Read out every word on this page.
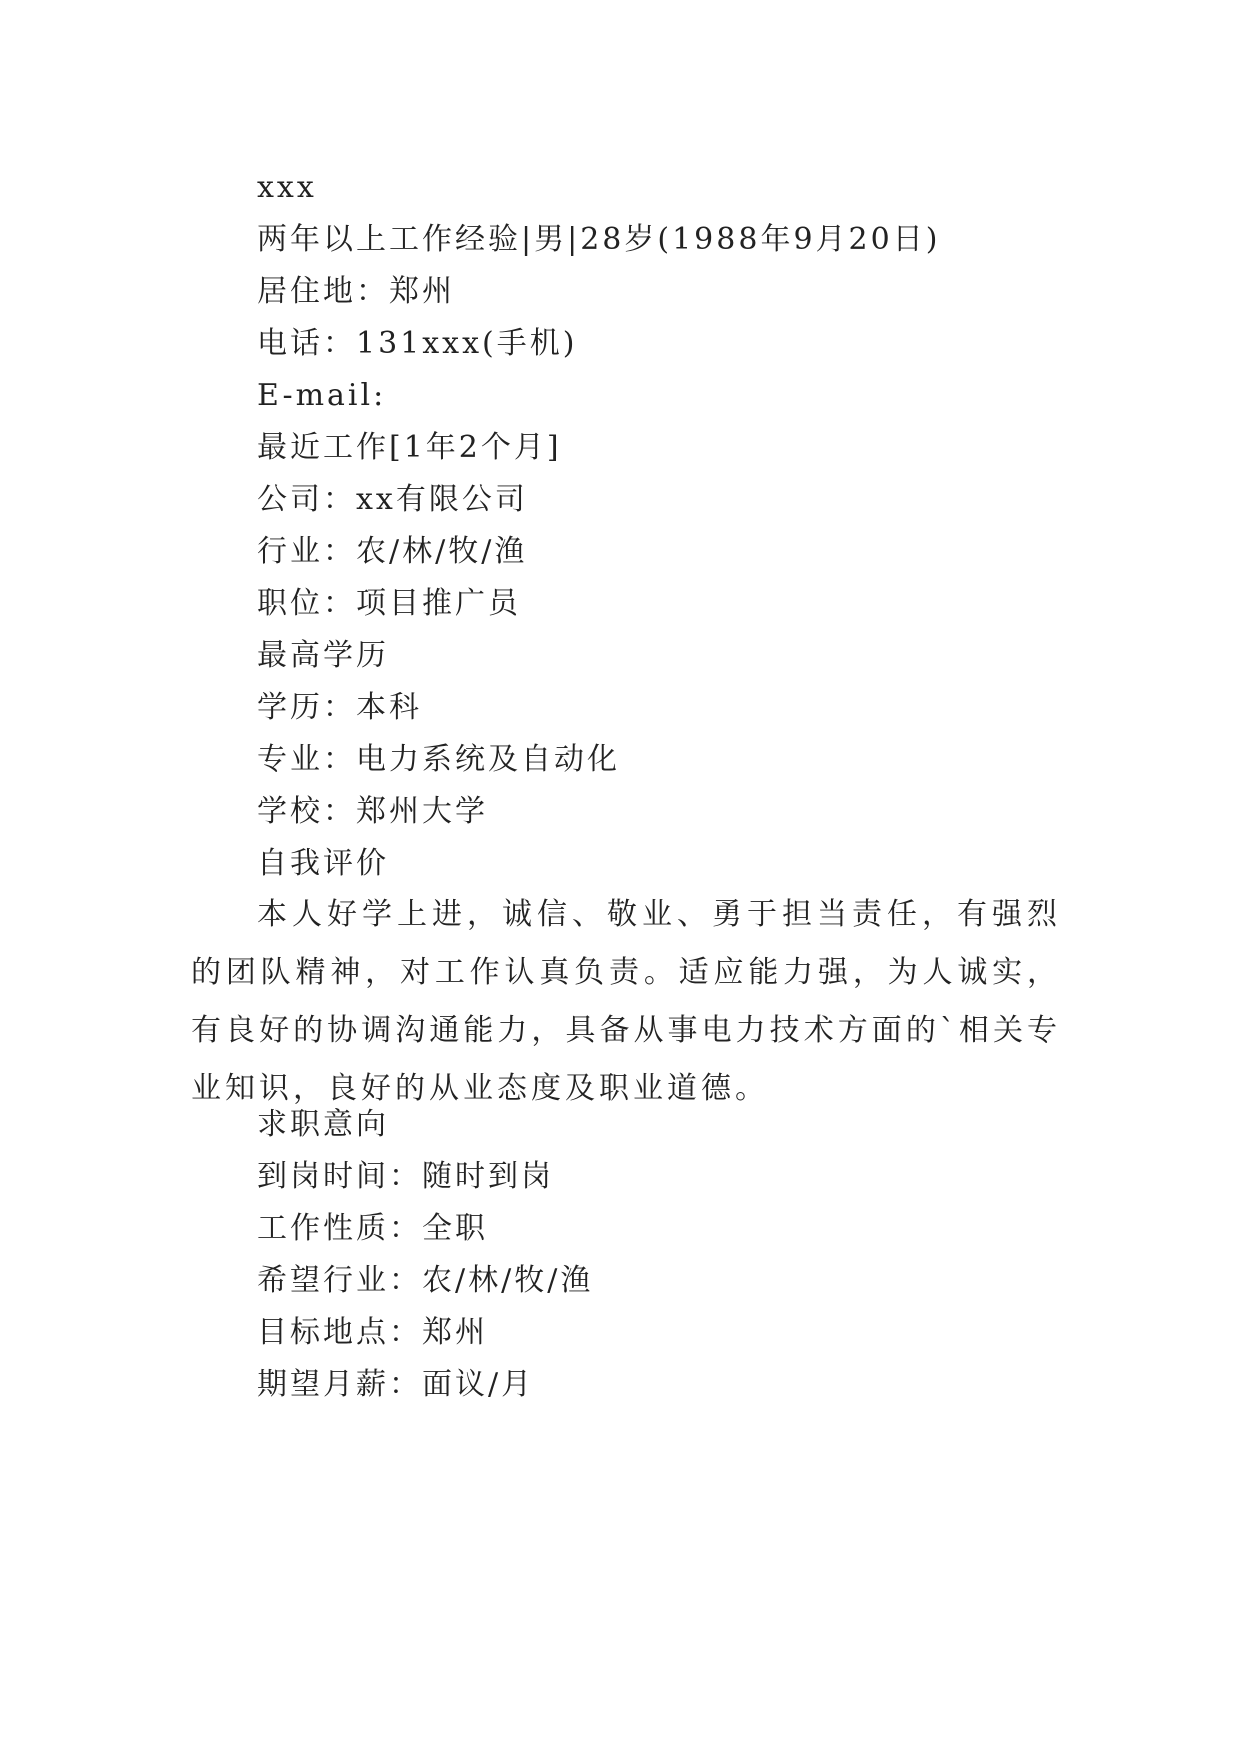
xxx
两年以上工作经验|男|28岁(1988年9月20日)
居住地：郑州
电话：131xxx(手机)
E-mail:
最近工作[1年2个月]
公司：xx有限公司
行业：农/林/牧/渔
职位：项目推广员
最高学历
学历：本科
专业：电力系统及自动化
学校：郑州大学
自我评价
本人好学上进，诚信、敬业、勇于担当责任，有强烈的团队精神，对工作认真负责。适应能力强，为人诚实，有良好的协调沟通能力，具备从事电力技术方面的`相关专业知识，良好的从业态度及职业道德。
求职意向
到岗时间：随时到岗
工作性质：全职
希望行业：农/林/牧/渔
目标地点：郑州
期望月薪：面议/月
